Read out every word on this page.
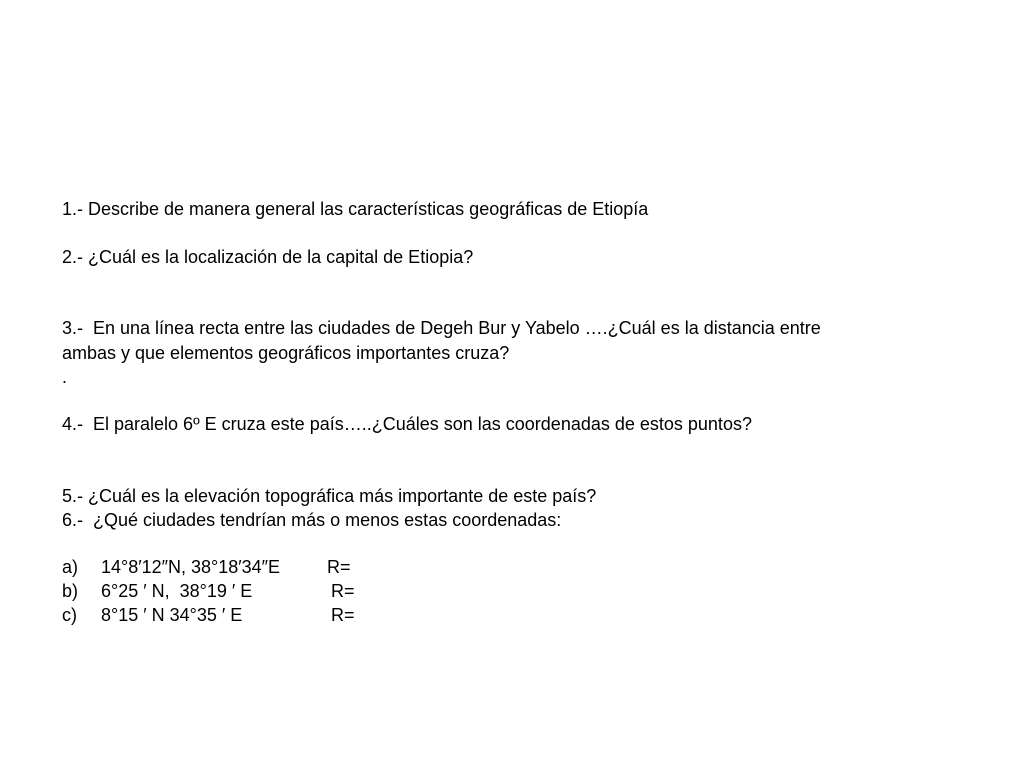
1.- Describe de manera general las características geográficas de Etiopía
2.- ¿Cuál es la localización de la capital de Etiopia?
3.-  En una línea recta entre las ciudades de Degeh Bur y Yabelo ….¿Cuál es la distancia entre
ambas y que elementos geográficos importantes cruza?
.
4.-  El paralelo 6º E cruza este país…..¿Cuáles son las coordenadas de estos puntos?
5.- ¿Cuál es la elevación topográfica más importante de este país?
6.-  ¿Qué ciudades tendrían más o menos estas coordenadas:
a) 14°8′12″N, 38°18′34″E	R=
b) 6°25 ′ N,  38°19 ′ E	R=
c) 8°15 ′ N 34°35 ′ E	R=
